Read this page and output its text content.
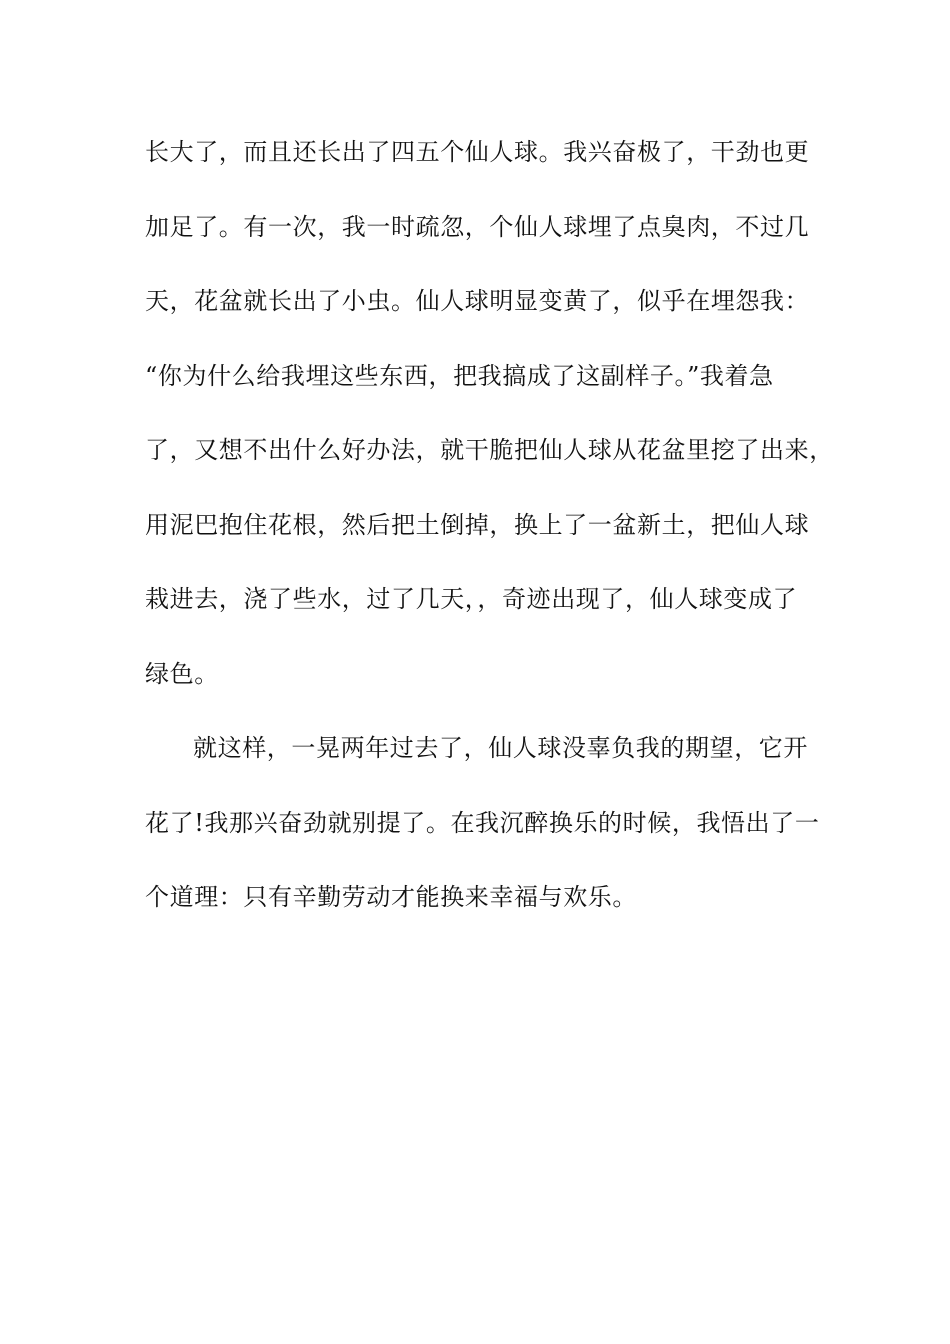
长大了，而且还长出了四五个仙人球。我兴奋极了，干劲也更
加足了。有一次，我一时疏忽，个仙人球埋了点臭肉，不过几
天，花盆就长出了小虫。仙人球明显变黄了，似乎在埋怨我：
“你为什么给我埋这些东西，把我搞成了这副样子。”我着急
了，又想不出什么好办法，就干脆把仙人球从花盆里挖了出来，
用泥巴抱住花根，然后把土倒掉，换上了一盆新土，把仙人球
栽进去，浇了些水，过了几天，，奇迹出现了，仙人球变成了
绿色。
就这样，一晃两年过去了，仙人球没辜负我的期望，它开
花了!我那兴奋劲就别提了。在我沉醉换乐的时候，我悟出了一
个道理：只有辛勤劳动才能换来幸福与欢乐。
